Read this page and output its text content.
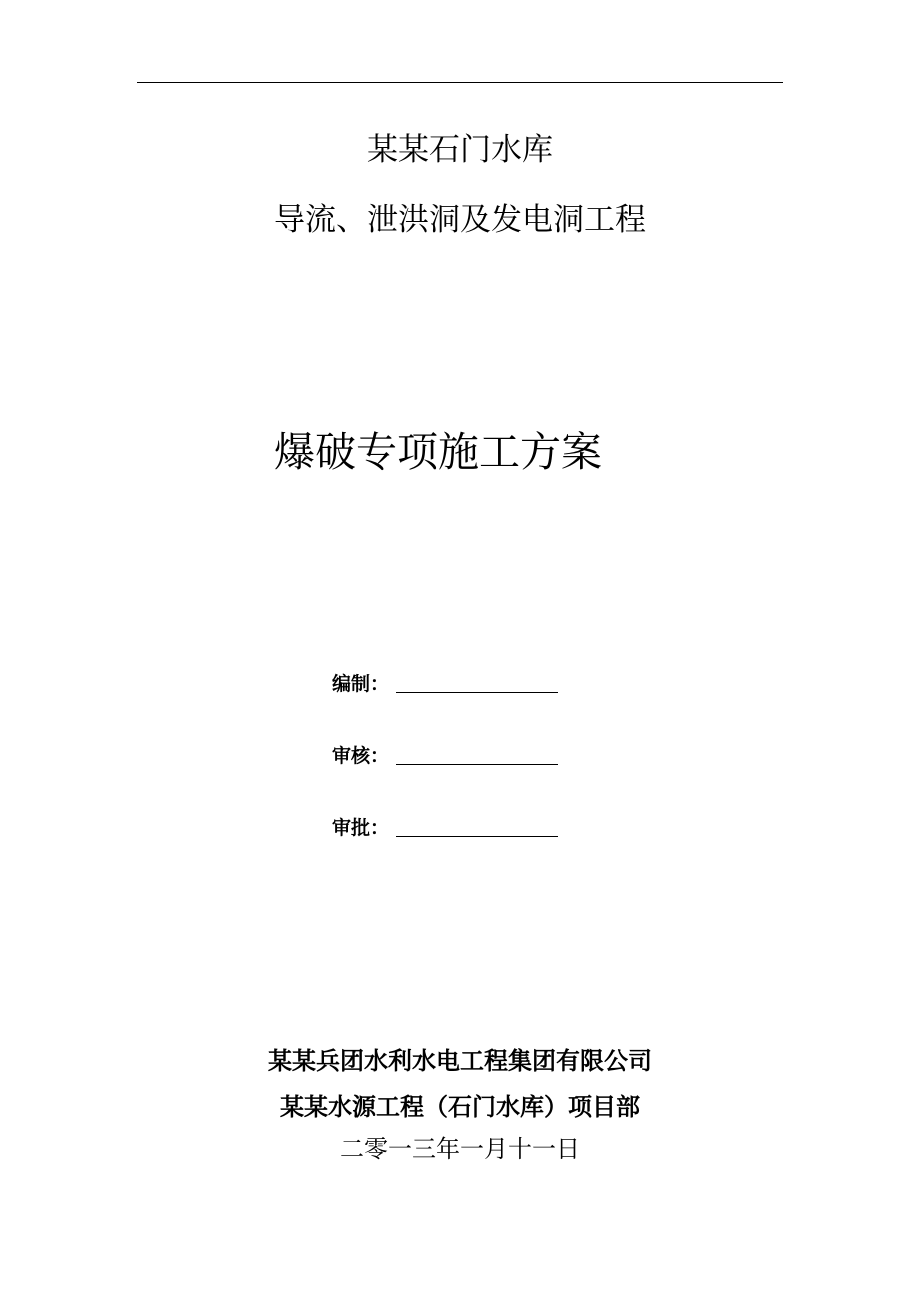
某某石门水库
导流、泄洪洞及发电洞工程
爆破专项施工方案
编制：
审核：
审批：
某某兵团水利水电工程集团有限公司
某某水源工程（石门水库）项目部
二零一三年一月十一日
